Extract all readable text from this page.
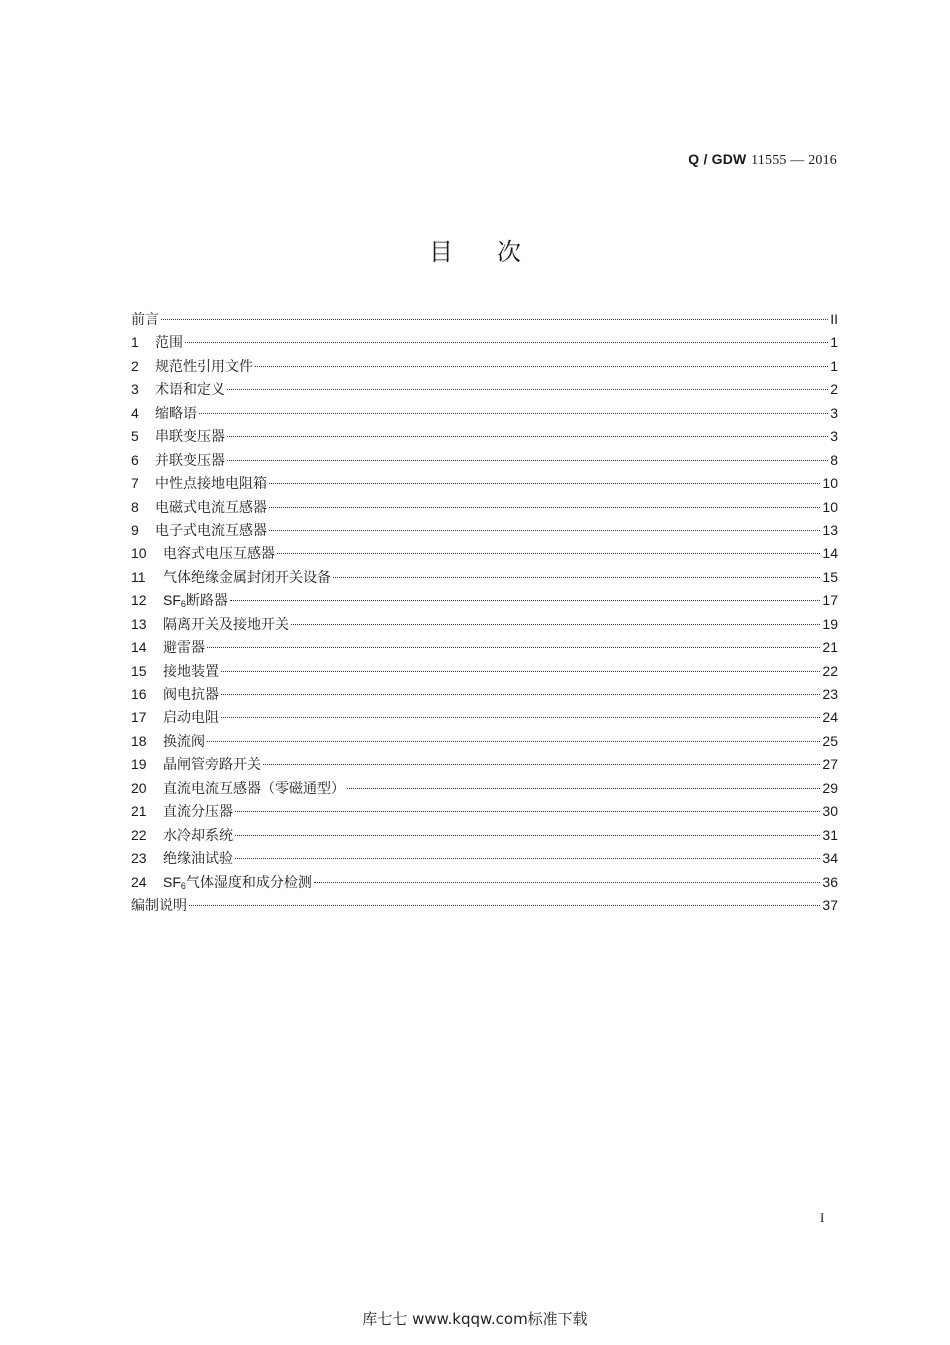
Q / GDW 11555 — 2016
目次
前言	II
1	范围	1
2	规范性引用文件	1
3	术语和定义	2
4	缩略语	3
5	串联变压器	3
6	并联变压器	8
7	中性点接地电阻箱	10
8	电磁式电流互感器	10
9	电子式电流互感器	13
10	电容式电压互感器	14
11	气体绝缘金属封闭开关设备	15
12	$SF_6$断路器	17
13	隔离开关及接地开关	19
14	避雷器	21
15	接地装置	22
16	阀电抗器	23
17	启动电阻	24
18	换流阀	25
19	晶闸管旁路开关	27
20	直流电流互感器（零磁通型）	29
21	直流分压器	30
22	水冷却系统	31
23	绝缘油试验	34
24	$SF_6$气体湿度和成分检测	36
编制说明	37
I
库七七 www.kqqw.com标准下载
